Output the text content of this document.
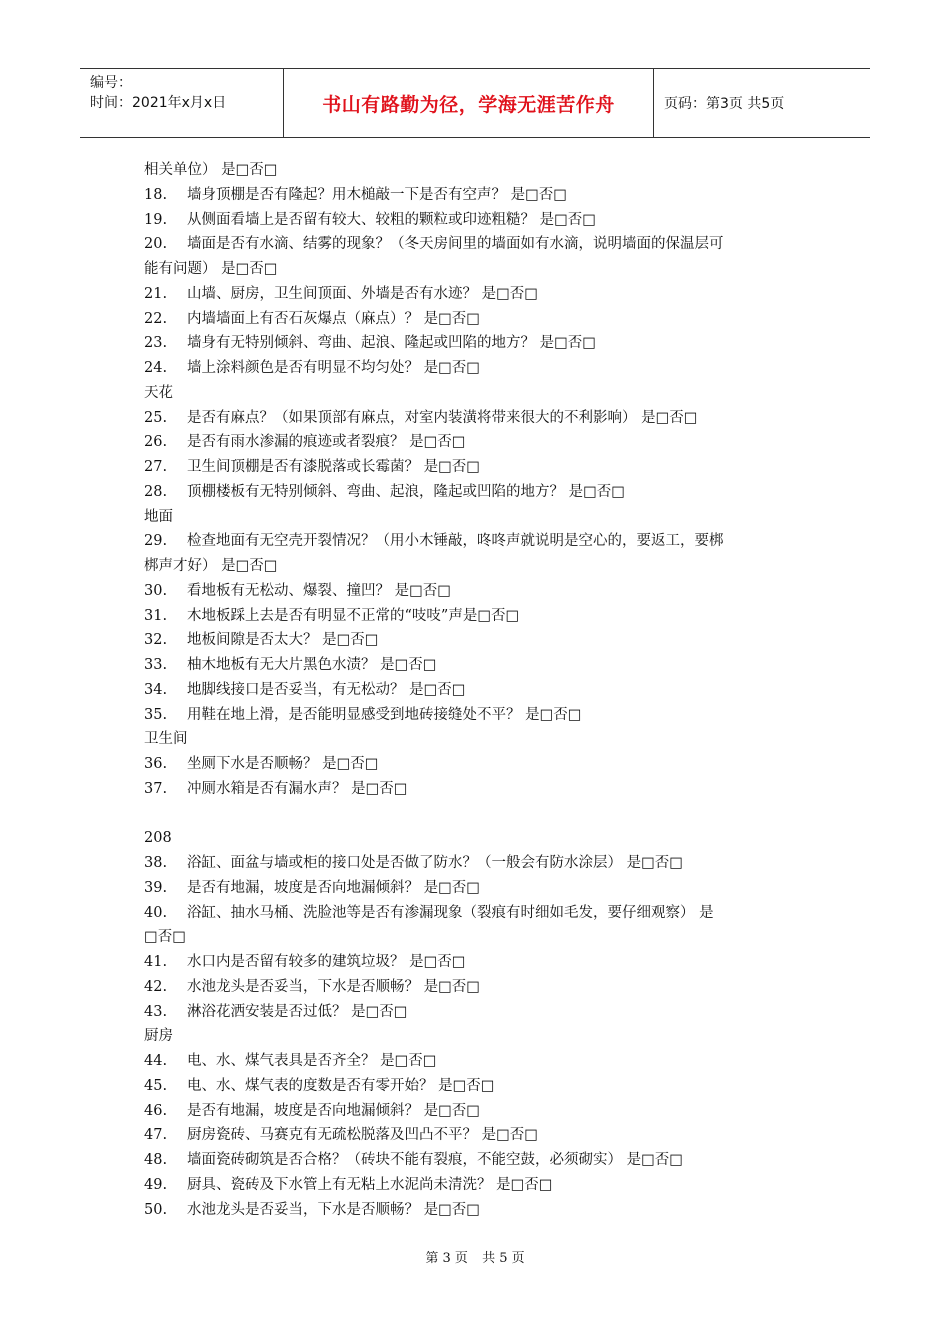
编号：
时间：2021年x月x日	书山有路勤为径，学海无涯苦作舟	页码：第3页 共5页
相关单位） 是□否□
18. 墙身顶棚是否有隆起？用木槌敲一下是否有空声？ 是□否□
19. 从侧面看墙上是否留有较大、较粗的颗粒或印迹粗糙？ 是□否□
20. 墙面是否有水滴、结雾的现象？（冬天房间里的墙面如有水滴，说明墙面的保温层可
能有问题） 是□否□
21. 山墙、厨房，卫生间顶面、外墙是否有水迹？ 是□否□
22. 内墙墙面上有否石灰爆点（麻点）？ 是□否□
23. 墙身有无特别倾斜、弯曲、起浪、隆起或凹陷的地方？ 是□否□
24. 墙上涂料颜色是否有明显不均匀处？ 是□否□
天花
25. 是否有麻点？（如果顶部有麻点，对室内装潢将带来很大的不利影响） 是□否□
26. 是否有雨水渗漏的痕迹或者裂痕？ 是□否□
27. 卫生间顶棚是否有漆脱落或长霉菌？ 是□否□
28. 顶棚楼板有无特别倾斜、弯曲、起浪，隆起或凹陷的地方？ 是□否□
地面
29. 检查地面有无空壳开裂情况？（用小木锤敲，咚咚声就说明是空心的，要返工，要梆
梆声才好） 是□否□
30. 看地板有无松动、爆裂、撞凹？ 是□否□
31. 木地板踩上去是否有明显不正常的“吱吱”声是□否□
32. 地板间隙是否太大？ 是□否□
33. 柚木地板有无大片黑色水渍？ 是□否□
34. 地脚线接口是否妥当，有无松动？ 是□否□
35. 用鞋在地上滑，是否能明显感受到地砖接缝处不平？ 是□否□
卫生间
36. 坐厕下水是否顺畅？ 是□否□
37. 冲厕水箱是否有漏水声？ 是□否□
208
38. 浴缸、面盆与墙或柜的接口处是否做了防水？（一般会有防水涂层） 是□否□
39. 是否有地漏，坡度是否向地漏倾斜？ 是□否□
40. 浴缸、抽水马桶、洗脸池等是否有渗漏现象（裂痕有时细如毛发，要仔细观察） 是
□否□
41. 水口内是否留有较多的建筑垃圾？ 是□否□
42. 水池龙头是否妥当，下水是否顺畅？ 是□否□
43. 淋浴花洒安装是否过低？ 是□否□
厨房
44. 电、水、煤气表具是否齐全？ 是□否□
45. 电、水、煤气表的度数是否有零开始？ 是□否□
46. 是否有地漏，坡度是否向地漏倾斜？ 是□否□
47. 厨房瓷砖、马赛克有无疏松脱落及凹凸不平？ 是□否□
48. 墙面瓷砖砌筑是否合格？（砖块不能有裂痕，不能空鼓，必须砌实） 是□否□
49. 厨具、瓷砖及下水管上有无粘上水泥尚未清洗？ 是□否□
50. 水池龙头是否妥当，下水是否顺畅？ 是□否□
第 3 页 共 5 页
